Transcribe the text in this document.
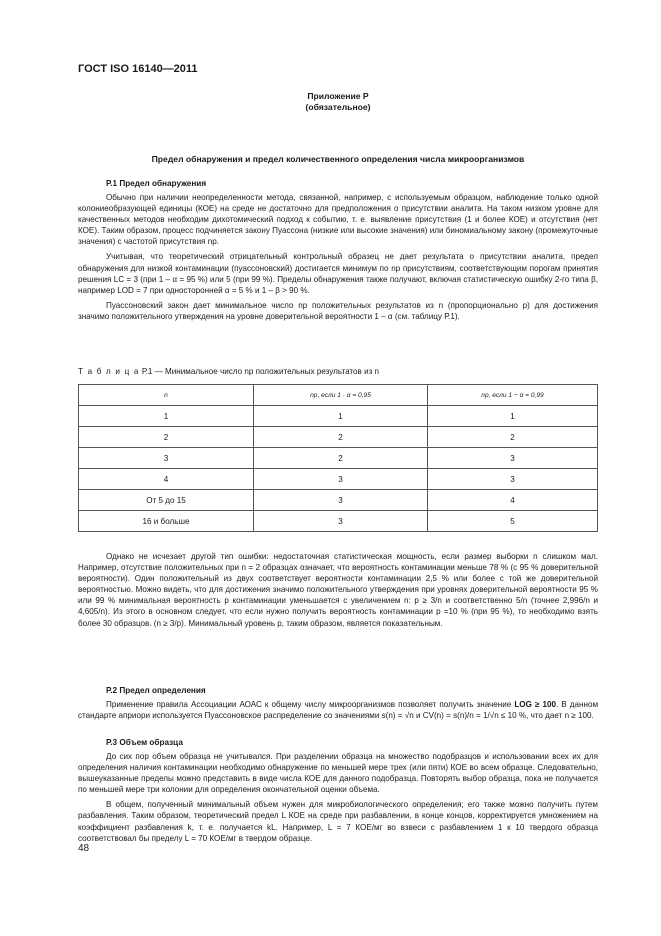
ГОСТ ISO 16140—2011
Приложение Р
(обязательное)
Предел обнаружения и предел количественного определения числа микроорганизмов
Р.1 Предел обнаружения

Обычно при наличии неопределенности метода, связанной, например, с используемым образцом, наблюдение только одной колониеобразующей единицы (КОЕ) на среде не достаточно для предположения о присутствии аналита. На таком низком уровне для качественных методов необходим дихотомический подход к событию, т. е. выявление присутствия (1 и более КОЕ) и отсутствия (нет КОЕ). Таким образом, процесс подчиняется закону Пуассона (низкие или высокие значения) или биномиальному закону (промежуточные значения) с частотой присутствия np.

Учитывая, что теоретический отрицательный контрольный образец не дает результата о присутствии аналита, предел обнаружения для низкой контаминации (пуассоновский) достигается минимум по np присутствиям, соответствующим порогам принятия решения LC = 3 (при 1 – α = 95 %) или 5 (при 99 %). Пределы обнаружения также получают, включая статистическую ошибку 2-го типа β, например LOD = 7 при односторонней α = 5 % и 1 – β > 90 %.

Пуассоновский закон дает минимальное число np положительных результатов из n (пропорционально p) для достижения значимо положительного утверждения на уровне доверительной вероятности 1 – α (см. таблицу Р.1).

Т а б л и ц а Р.1 — Минимальное число np положительных результатов из n
n	np, если 1 · α = 0,95	np, если 1 − α = 0,99
1	1	1
2	2	2
3	2	3
4	3	3
От 5 до 15	3	4
16 и больше	3	5

Однако не исчезает другой тип ошибки: недостаточная статистическая мощность, если размер выборки n слишком мал. Например, отсутствие положительных при n = 2 образцах означает, что вероятность контаминации меньше 78 % (с 95 % доверительной вероятности). Один положительный из двух соответствует вероятности контаминации 2,5 % или более с той же доверительной вероятностью. Можно видеть, что для достижения значимо положительного утверждения при уровнях доверительной вероятности 95 % или 99 % минимальная вероятность p контаминации уменьшается с увеличением n: p ≥ 3/n и соответственно 5/n (точнее 2,996/n и 4,605/n). Из этого в основном следует, что если нужно получить вероятность контаминации p =10 % (при 95 %), то необходимо взять более 30 образцов. (n ≥ 3/p). Минимальный уровень p, таким образом, является показательным.

Р.2 Предел определения

Применение правила Ассоциации АОАС к общему числу микроорганизмов позволяет получить значение LOG ≥ 100. В данном стандарте априори используется Пуассоновское распределение со значениями s(n) = √n и CV(n) = s(n)/n = 1/√n ≤ 10 %, что дает n ≥ 100.

Р.3 Объем образца

До сих пор объем образца не учитывался. При разделении образца на множество подобразцов и использовании всех их для определения наличия контаминации необходимо обнаружение по меньшей мере трех (или пяти) КОЕ во всем образце. Следовательно, вышеуказанные пределы можно представить в виде числа КОЕ для данного подобразца. Повторять выбор образца, пока не получается по меньшей мере три колонии для определения окончательной оценки объема.

В общем, полученный минимальный объем нужен для микробиологического определения; его также можно получить путем разбавления. Таким образом, теоретический предел L КОЕ на среде при разбавлении, в конце концов, корректируется умножением на коэффициент разбавления k, т. е. получается kL. Например, L = 7 КОЕ/мг во взвеси с разбавлением 1 к 10 твердого образца соответствовал бы пределу L = 70 КОЕ/мг в твердом образце.

48
